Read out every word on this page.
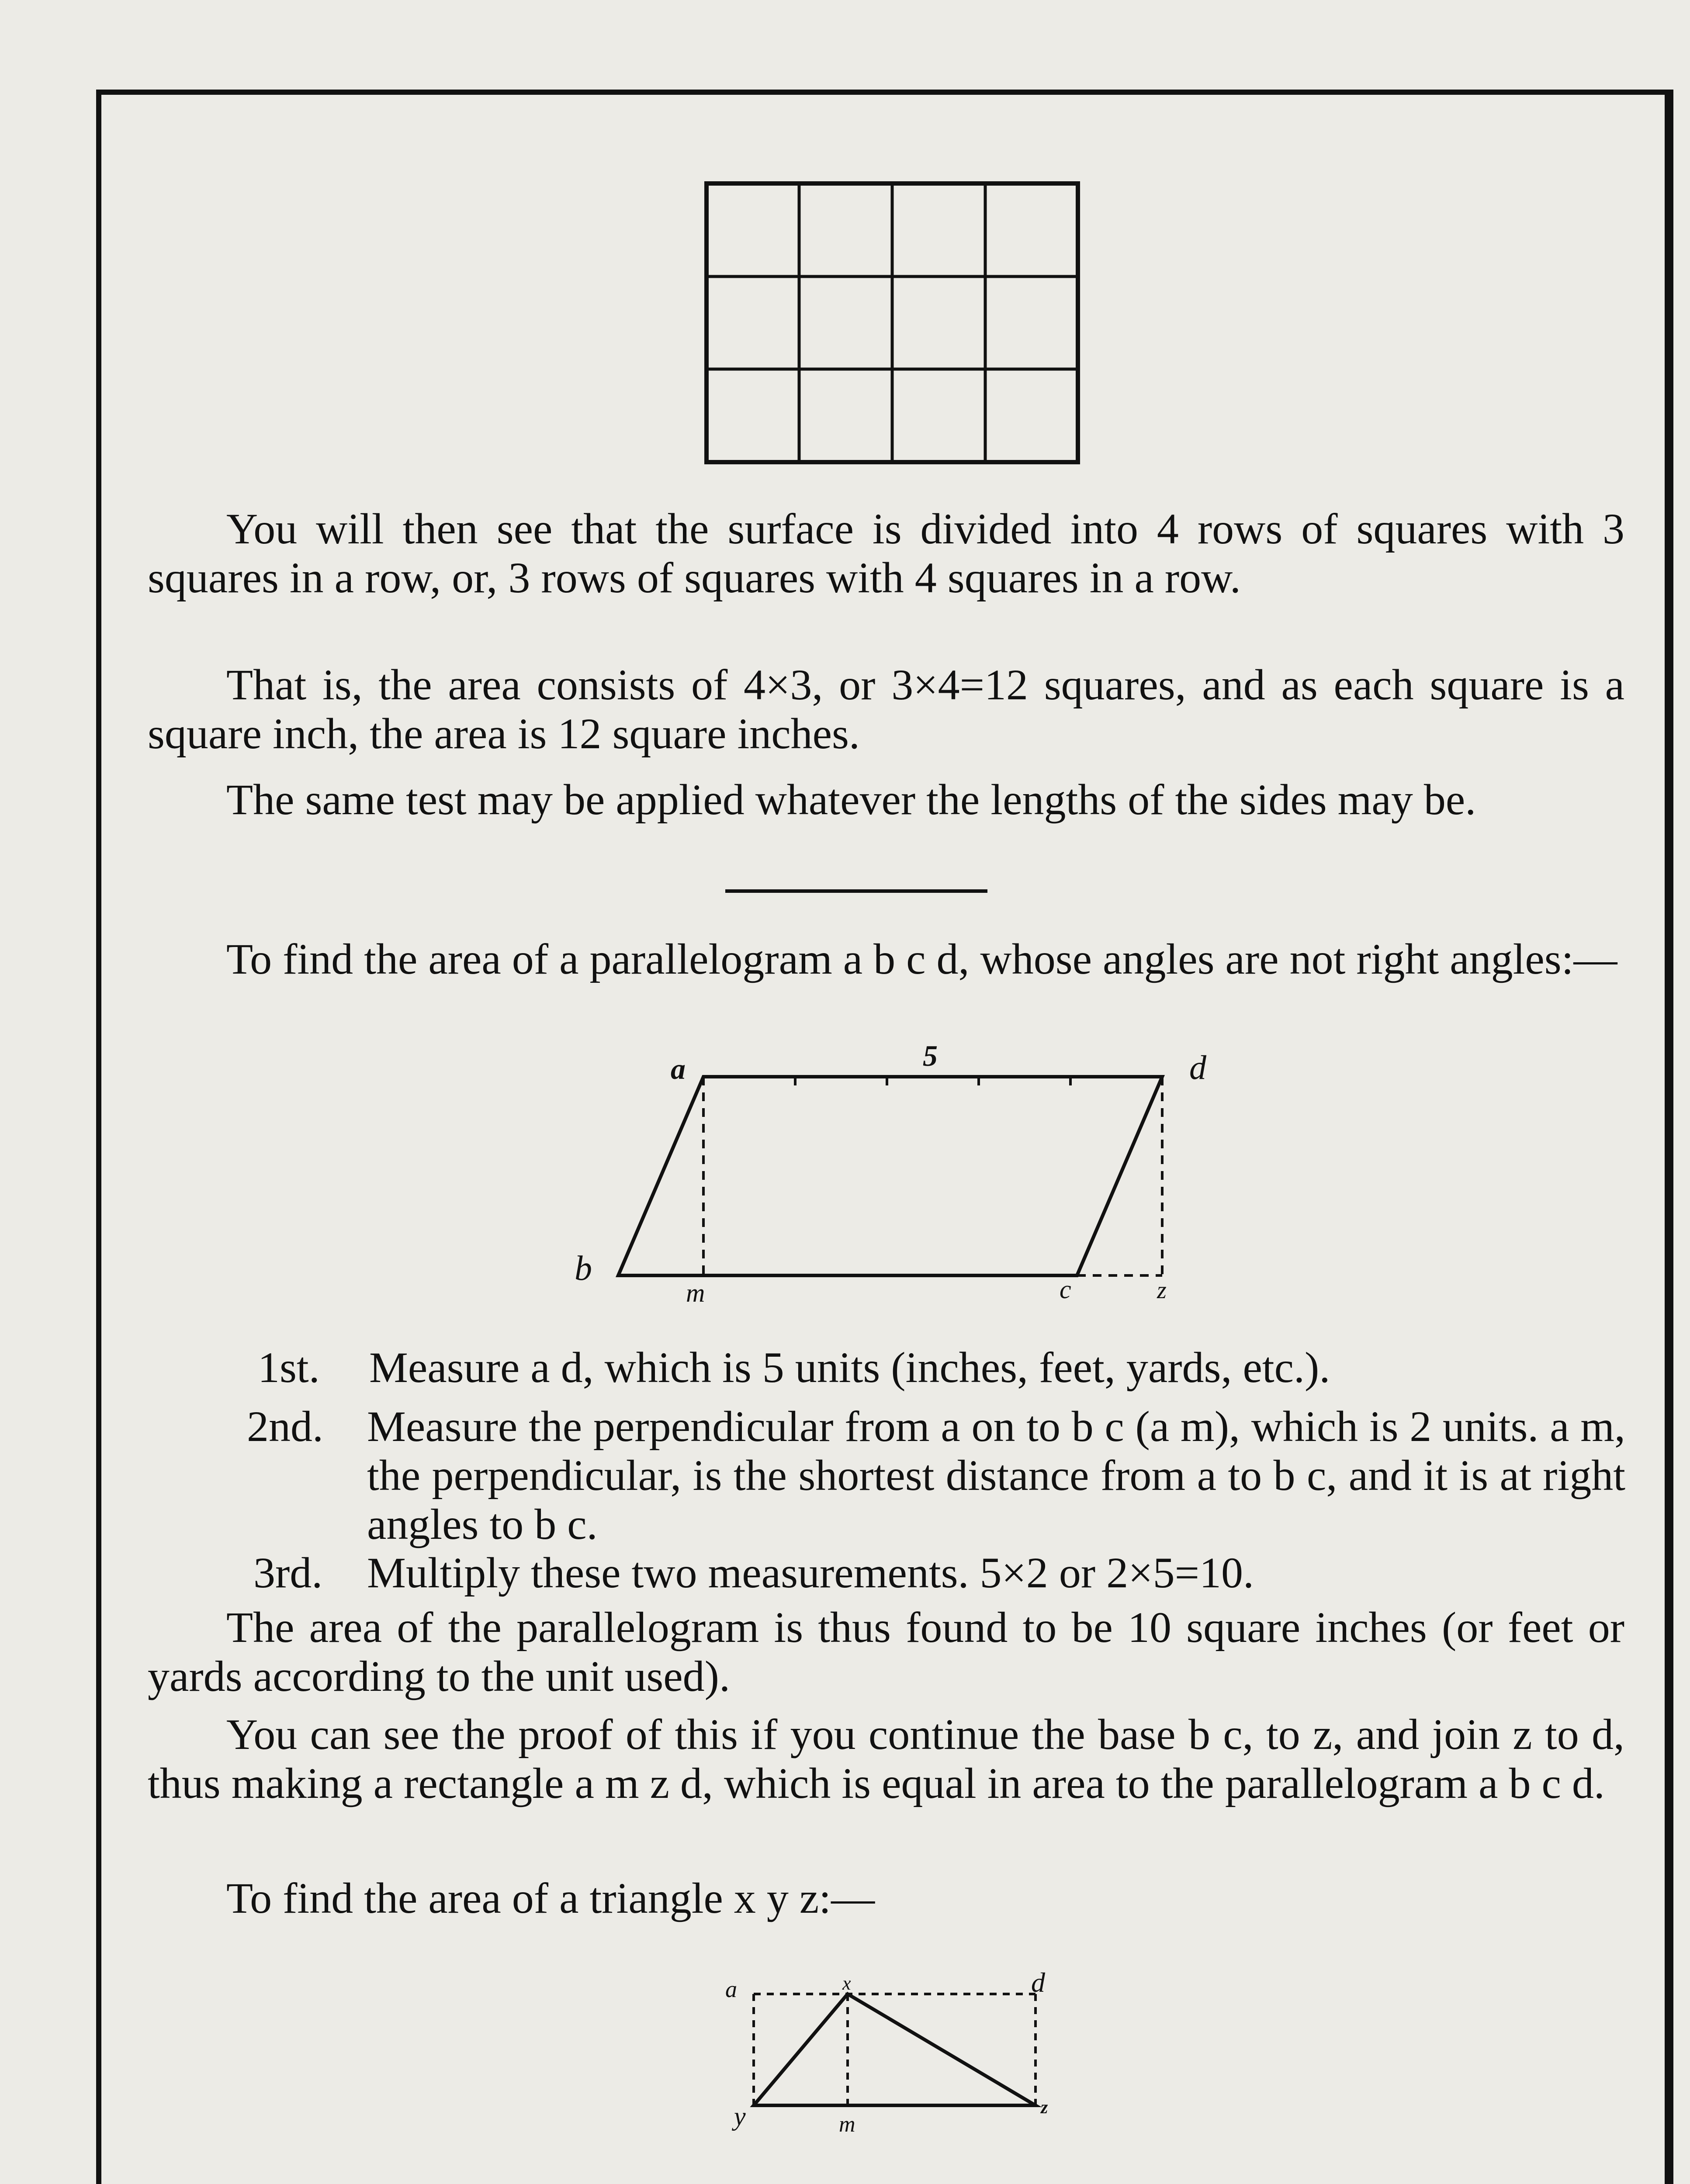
You will then see that the surface is divided into 4 rows of squares with 3 squares in a row, or, 3 rows of squares with 4 squares in a row.

That is, the area consists of 4×3, or 3×4=12 squares, and as each square is a square inch, the area is 12 square inches.

The same test may be applied whatever the lengths of the sides may be.

To find the area of a parallelogram a b c d, whose angles are not right angles:—

a	5	d
b
m	c	z
1st. Measure a d, which is 5 units (inches, feet, yards, etc.).
2nd. Measure the perpendicular from a on to b c (a m), which is 2 units. a m, the perpendicular, is the shortest distance from a to b c, and it is at right angles to b c.
3rd. Multiply these two measurements. 5×2 or 2×5=10.

The area of the parallelogram is thus found to be 10 square inches (or feet or yards according to the unit used).

You can see the proof of this if you continue the base b c, to z, and join z to d, thus making a rectangle a m z d, which is equal in area to the parallelogram a b c d.

To find the area of a triangle x y z:—

a	x	d
y	m
z
